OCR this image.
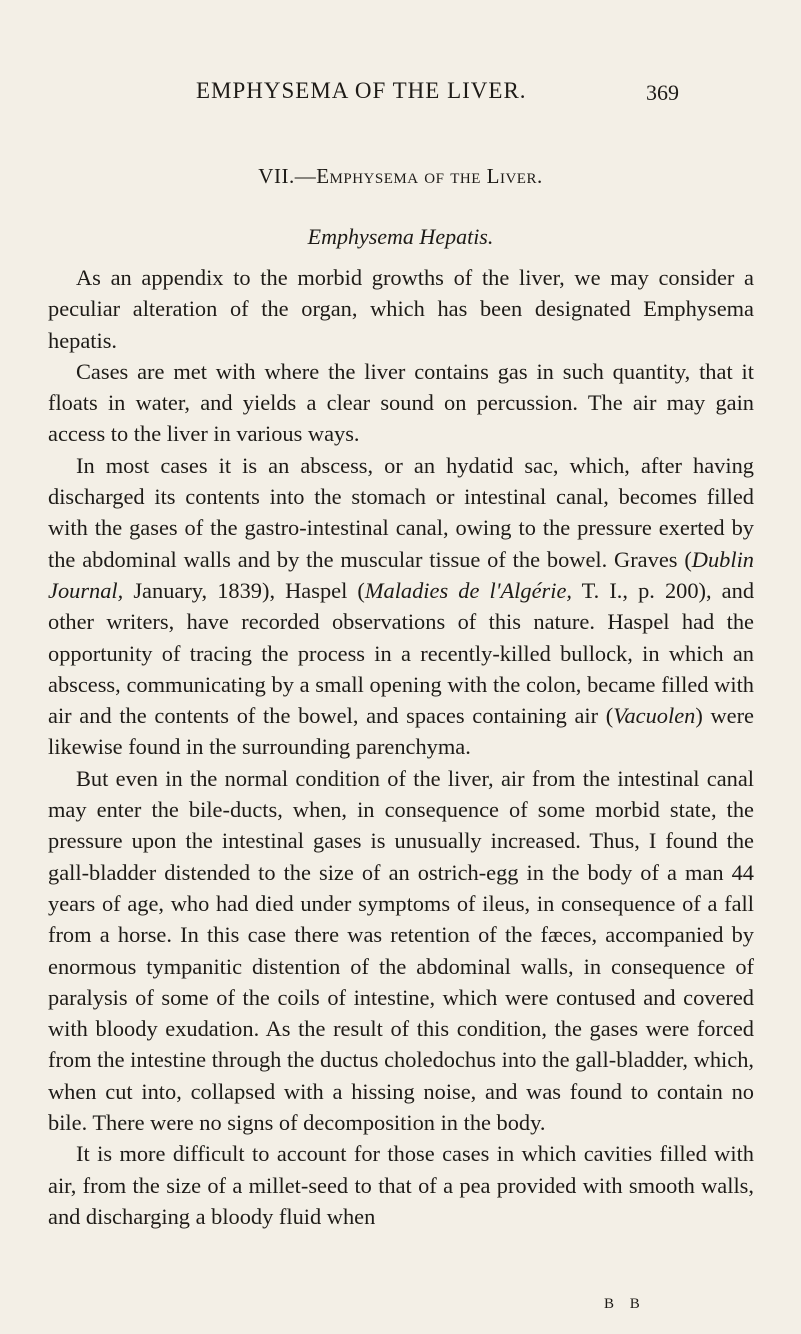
EMPHYSEMA OF THE LIVER.	369
VII.—Emphysema of the Liver.
Emphysema Hepatis.

As an appendix to the morbid growths of the liver, we may consider a peculiar alteration of the organ, which has been designated Emphysema hepatis.

Cases are met with where the liver contains gas in such quantity, that it floats in water, and yields a clear sound on percussion. The air may gain access to the liver in various ways.

In most cases it is an abscess, or an hydatid sac, which, after having discharged its contents into the stomach or intestinal canal, becomes filled with the gases of the gastro-intestinal canal, owing to the pressure exerted by the abdominal walls and by the muscular tissue of the bowel. Graves (Dublin Journal, January, 1839), Haspel (Maladies de l'Algérie, T. I., p. 200), and other writers, have recorded observations of this nature. Haspel had the opportunity of tracing the process in a recently-killed bullock, in which an abscess, communicating by a small opening with the colon, became filled with air and the contents of the bowel, and spaces containing air (Vacuolen) were likewise found in the surrounding parenchyma.

But even in the normal condition of the liver, air from the intestinal canal may enter the bile-ducts, when, in consequence of some morbid state, the pressure upon the intestinal gases is unusually increased. Thus, I found the gall-bladder distended to the size of an ostrich-egg in the body of a man 44 years of age, who had died under symptoms of ileus, in consequence of a fall from a horse. In this case there was retention of the fæces, accompanied by enormous tympanitic distention of the abdominal walls, in consequence of paralysis of some of the coils of intestine, which were contused and covered with bloody exudation. As the result of this condition, the gases were forced from the intestine through the ductus choledochus into the gall-bladder, which, when cut into, collapsed with a hissing noise, and was found to contain no bile. There were no signs of decomposition in the body.

It is more difficult to account for those cases in which cavities filled with air, from the size of a millet-seed to that of a pea provided with smooth walls, and discharging a bloody fluid when

B B
